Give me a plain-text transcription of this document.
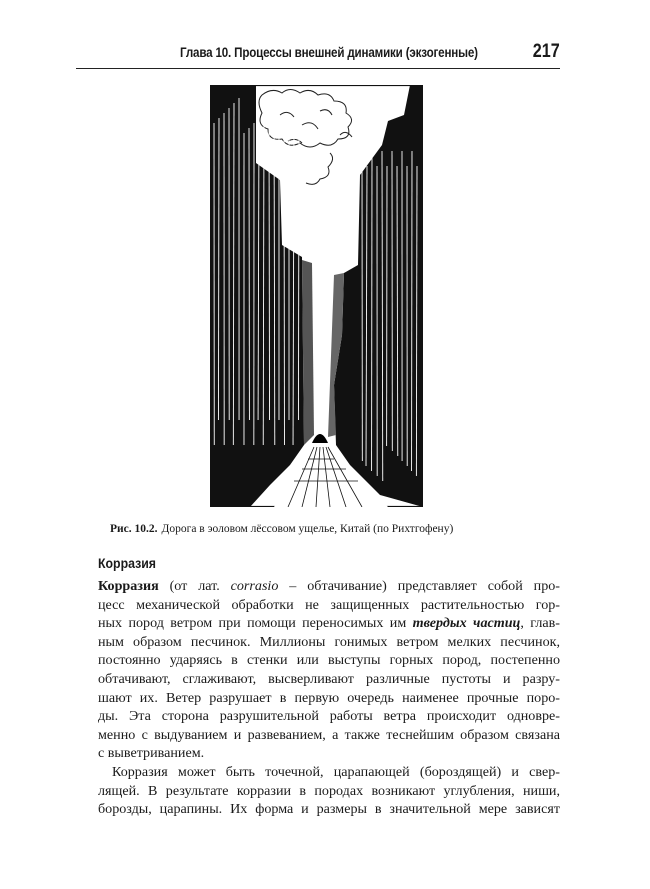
Глава 10. Процессы внешней динамики (экзогенные)	217
Рис. 10.2. Дорога в эоловом лёссовом ущелье, Китай (по Рихтгофену)
Корразия

Корразия (от лат. corrasio – обтачивание) представляет собой про-
цесс механической обработки не защищенных растительностью гор-
ных пород ветром при помощи переносимых им твердых частиц, глав-
ным образом песчинок. Миллионы гонимых ветром мелких песчинок,
постоянно ударяясь в стенки или выступы горных пород, постепенно
обтачивают, сглаживают, высверливают различные пустоты и разру-
шают их. Ветер разрушает в первую очередь наименее прочные поро-
ды. Эта сторона разрушительной работы ветра происходит одновре-
менно с выдуванием и развеванием, а также теснейшим образом связана
с выветриванием.

Корразия может быть точечной, царапающей (бороздящей) и свер-
лящей. В результате корразии в породах возникают углубления, ниши,
борозды, царапины. Их форма и размеры в значительной мере зависят
